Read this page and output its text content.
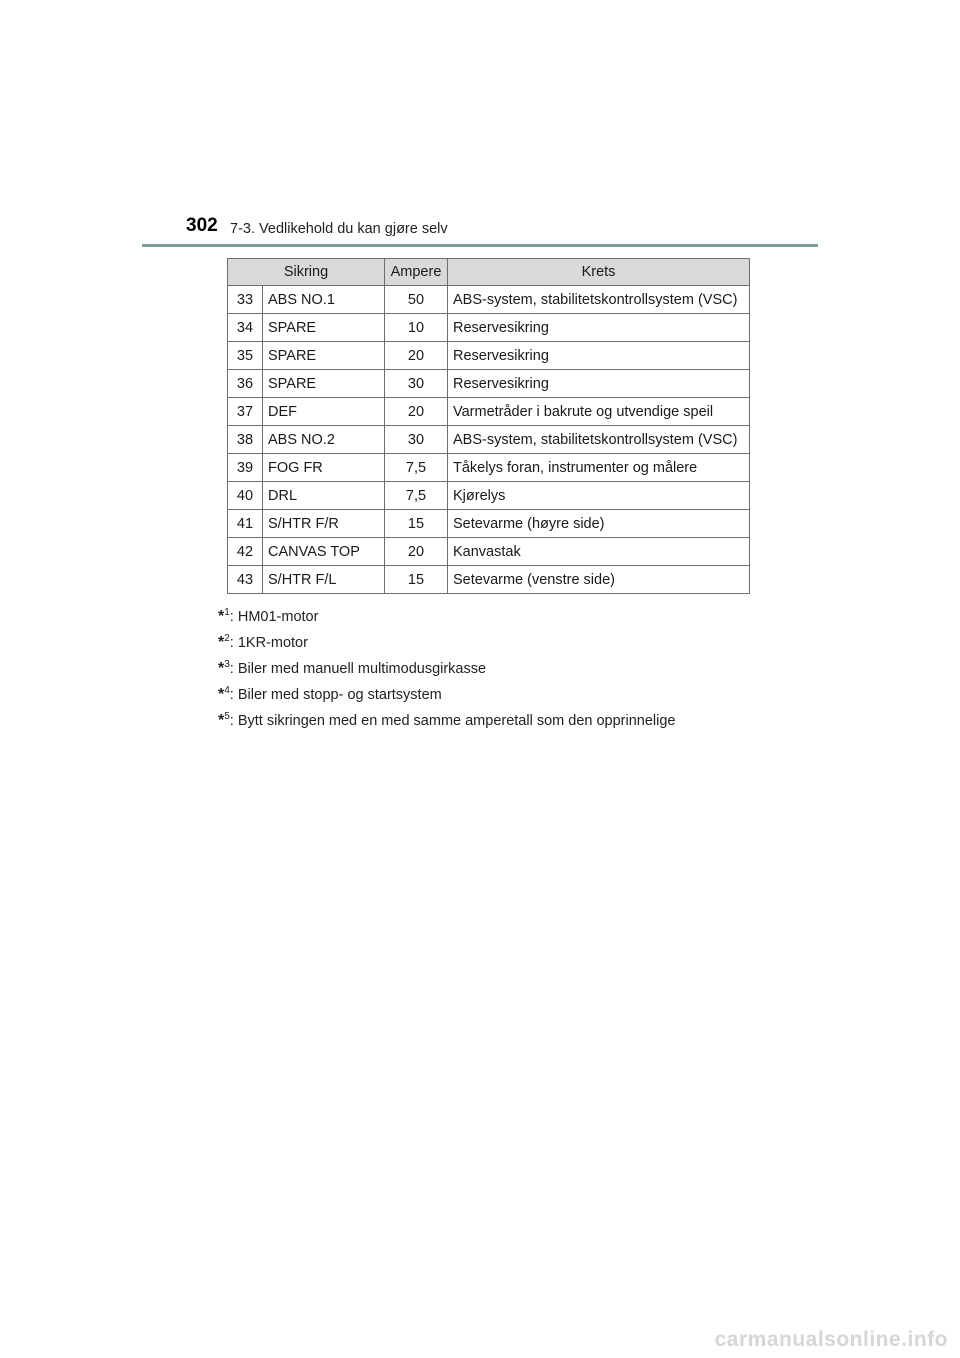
302 7-3. Vedlikehold du kan gjøre selv
Sikring		Ampere	Krets
33	ABS NO.1	50	ABS-system, stabilitetskontrollsystem (VSC)
34	SPARE	10	Reservesikring
35	SPARE	20	Reservesikring
36	SPARE	30	Reservesikring
37	DEF	20	Varmetråder i bakrute og utvendige speil
38	ABS NO.2	30	ABS-system, stabilitetskontrollsystem (VSC)
39	FOG FR	7,5	Tåkelys foran, instrumenter og målere
40	DRL	7,5	Kjørelys
41	S/HTR F/R	15	Setevarme (høyre side)
42	CANVAS TOP	20	Kanvastak
43	S/HTR F/L	15	Setevarme (venstre side)
*$^1$: HM01-motor
*$^2$: 1KR-motor
*$^3$: Biler med manuell multimodusgirkasse
*$^4$: Biler med stopp- og startsystem
*$^5$: Bytt sikringen med en med samme amperetall som den opprinnelige
carmanualsonline.info
